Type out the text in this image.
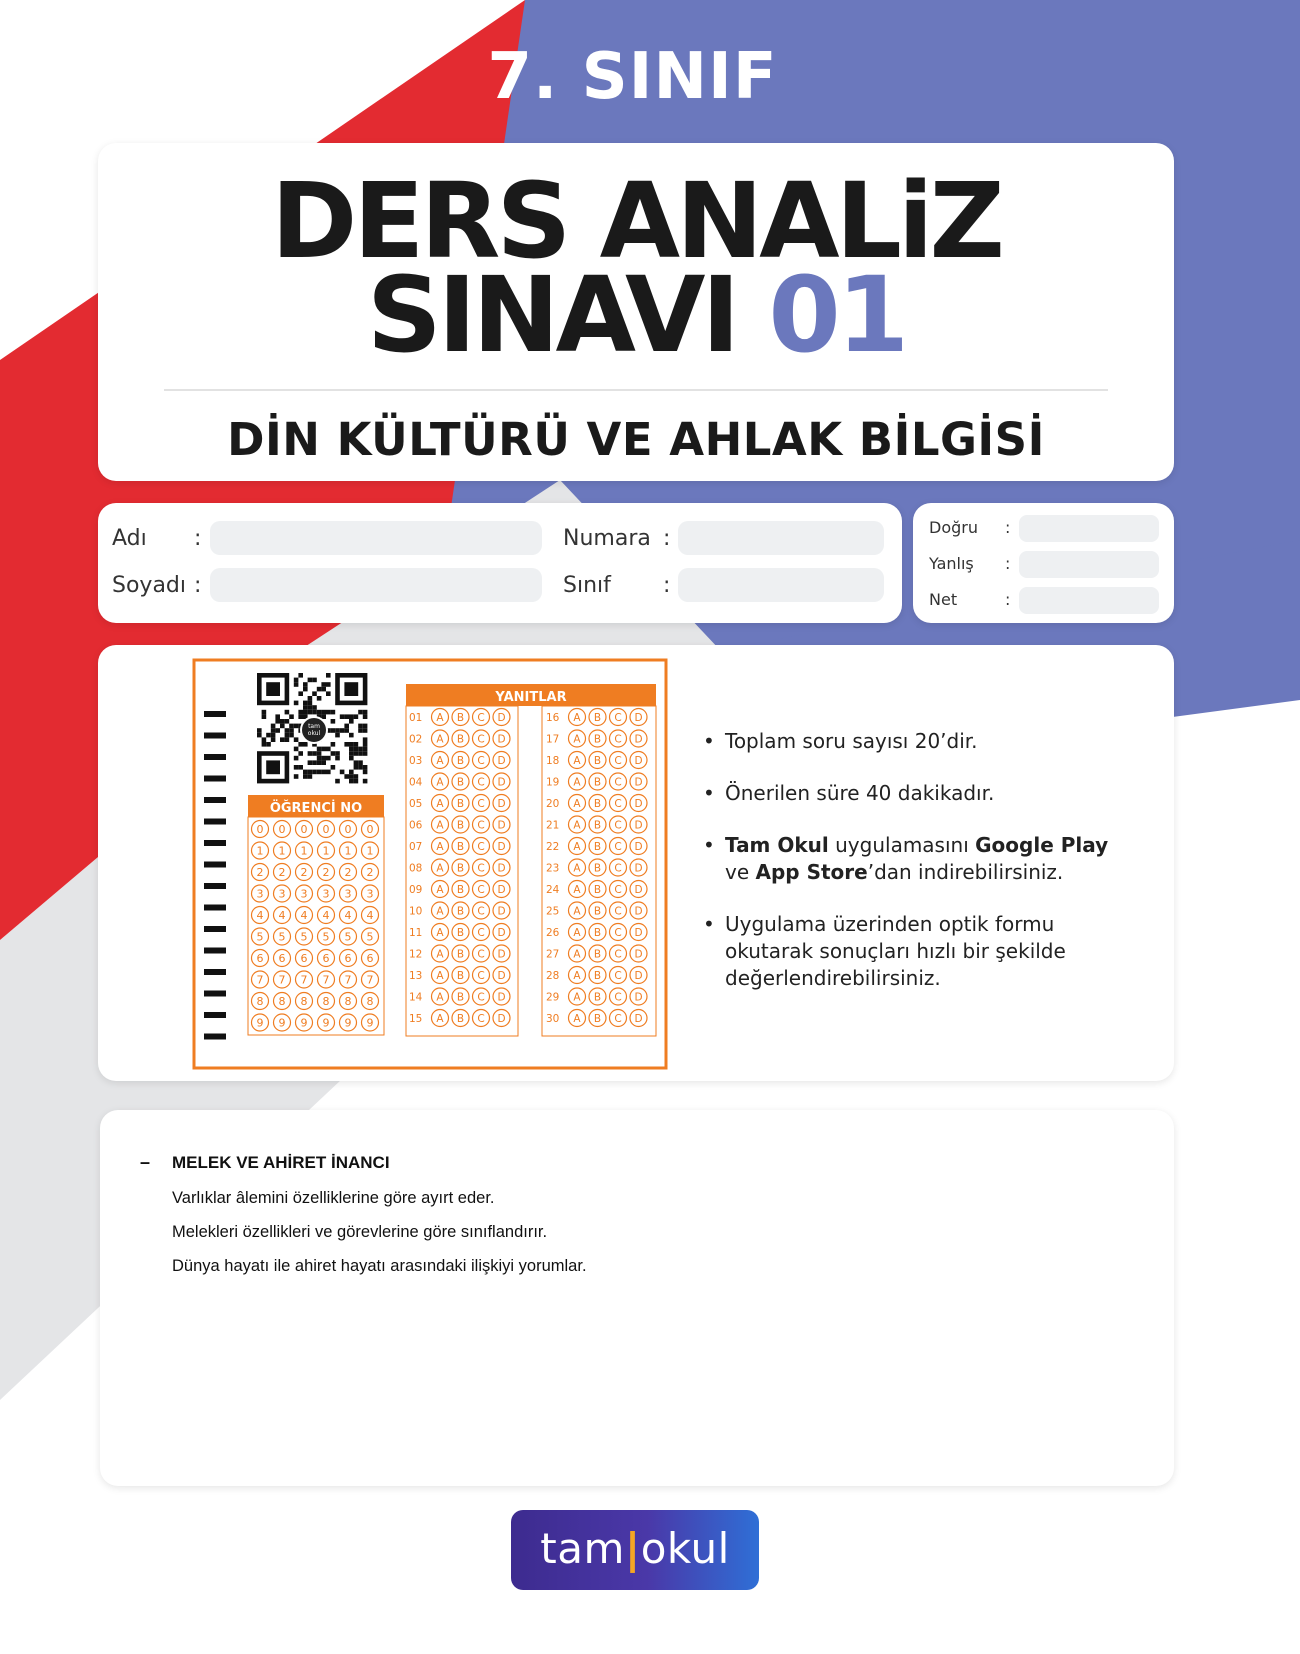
7. SINIF
DERS ANALiZ
SINAVI 01
DİN KÜLTÜRÜ VE AHLAK BİLGİSİ
Adı :
Soyadı :
Numara :
Sınıf :
Doğru :
Yanlış :
Net	:
tam okul
ÖĞRENCİ NO
0 0 0 0 0 0
1 1 1 1 1 1
2 2 2 2 2 2
3 3 3 3 3 3
4 4 4 4 4 4
5 5 5 5 5 5
6 6 6 6 6 6
7 7 7 7 7 7
8 8 8 8 8 8
9 9 9 9 9 9
YANITLAR
01 A B C D
02 A B C D
03 A B C D
04 A B C D
05 A B C D
06 A B C D
07 A B C D
08 A B C D
09 A B C D
10 A B C D
11 A B C D
12 A B C D
13 A B C D
14 A B C D
15 A B C D
16 A B C D
17 A B C D
18 A B C D
19 A B C D
20 A B C D
21 A B C D
22 A B C D
23 A B C D
24 A B C D
25 A B C D
26 A B C D
27 A B C D
28 A B C D
29 A B C D
30 A B C D
• Toplam soru sayısı 20’dir.
• Önerilen süre 40 dakikadır.
• Tam Okul uygulamasını Google Play
ve App Store’dan indirebilirsiniz.
• Uygulama üzerinden optik formu okutarak sonuçları hızlı bir şekilde değerlendirebilirsiniz.
– MELEK VE AHİRET İNANCI
Varlıklar âlemini özelliklerine göre ayırt eder.
Melekleri özellikleri ve görevlerine göre sınıflandırır.
Dünya hayatı ile ahiret hayatı arasındaki ilişkiyi yorumlar.
tam|okul
